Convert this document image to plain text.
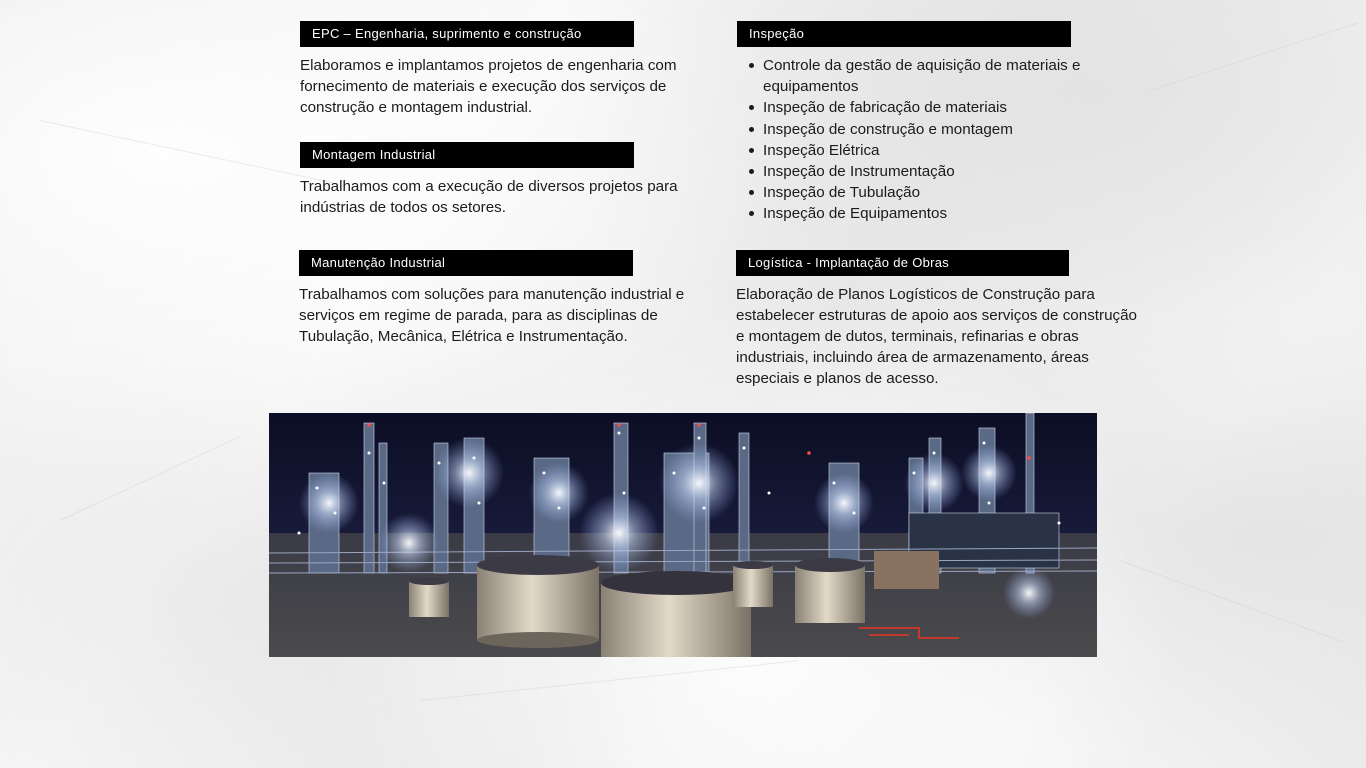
EPC – Engenharia, suprimento e construção

Elaboramos e implantamos projetos de engenharia com fornecimento de materiais e execução dos serviços de construção e montagem industrial.

Montagem Industrial

Trabalhamos com a execução de diversos projetos para indústrias de todos os setores.

Manutenção Industrial

Trabalhamos com soluções para manutenção industrial e serviços em regime de parada, para as disciplinas de Tubulação, Mecânica, Elétrica e Instrumentação.

Inspeção
Controle da gestão de aquisição de materiais e equipamentos
Inspeção de fabricação de materiais
Inspeção de construção e montagem
Inspeção Elétrica
Inspeção de Instrumentação
Inspeção de Tubulação
Inspeção de Equipamentos
Logística - Implantação de Obras

Elaboração de Planos Logísticos de Construção para estabelecer estruturas de apoio aos serviços de construção e montagem de dutos, terminais, refinarias e obras industriais, incluindo área de armazenamento, áreas especiais e planos de acesso.
